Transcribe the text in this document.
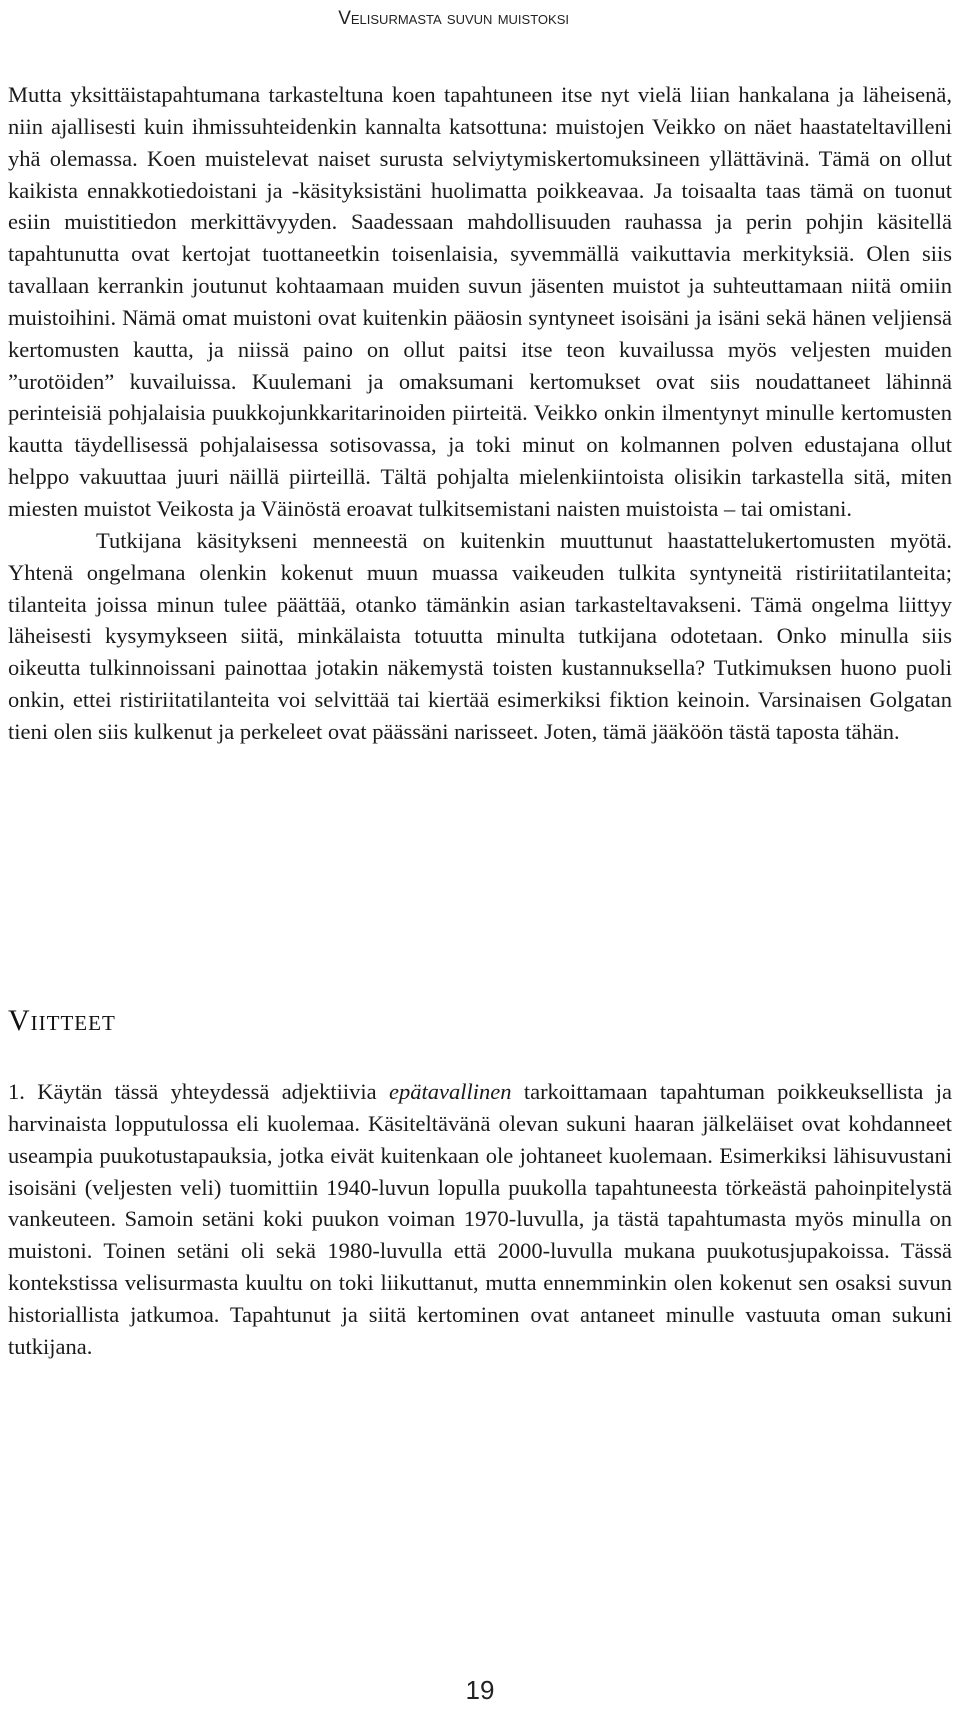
Velisurmasta suvun muistoksi

Mutta yksittäistapahtumana tarkasteltuna koen tapahtuneen itse nyt vielä liian hankalana ja läheisenä, niin ajallisesti kuin ihmissuhteidenkin kannalta katsottuna: muistojen Veikko on näet haastateltavilleni yhä olemassa. Koen muistelevat naiset surusta selviytymiskertomuksineen yllättävinä. Tämä on ollut kaikista ennakkotiedoistani ja -käsityksistäni huolimatta poikkeavaa. Ja toisaalta taas tämä on tuonut esiin muistitiedon merkittävyyden. Saadessaan mahdollisuuden rauhassa ja perin pohjin käsitellä tapahtunutta ovat kertojat tuottaneetkin toisenlaisia, syvemmällä vaikuttavia merkityksiä. Olen siis tavallaan kerrankin joutunut kohtaamaan muiden suvun jäsenten muistot ja suhteuttamaan niitä omiin muistoihini. Nämä omat muistoni ovat kuitenkin pääosin syntyneet isoisäni ja isäni sekä hänen veljiensä kertomusten kautta, ja niissä paino on ollut paitsi itse teon kuvailussa myös veljesten muiden ”urotöiden” kuvailuissa. Kuulemani ja omaksumani kertomukset ovat siis noudattaneet lähinnä perinteisiä pohjalaisia puukkojunkkaritarinoiden piirteitä. Veikko onkin ilmentynyt minulle kertomusten kautta täydellisessä pohjalaisessa sotisovassa, ja toki minut on kolmannen polven edustajana ollut helppo vakuuttaa juuri näillä piirteillä. Tältä pohjalta mielenkiintoista olisikin tarkastella sitä, miten miesten muistot Veikosta ja Väinöstä eroavat tulkitsemistani naisten muistoista – tai omistani.

Tutkijana käsitykseni menneestä on kuitenkin muuttunut haastattelukertomusten myötä. Yhtenä ongelmana olenkin kokenut muun muassa vaikeuden tulkita syntyneitä ristiriitatilanteita; tilanteita joissa minun tulee päättää, otanko tämänkin asian tarkasteltavakseni. Tämä ongelma liittyy läheisesti kysymykseen siitä, minkälaista totuutta minulta tutkijana odotetaan. Onko minulla siis oikeutta tulkinnoissani painottaa jotakin näkemystä toisten kustannuksella? Tutkimuksen huono puoli onkin, ettei ristiriitatilanteita voi selvittää tai kiertää esimerkiksi fiktion keinoin. Varsinaisen Golgatan tieni olen siis kulkenut ja perkeleet ovat päässäni narisseet. Joten, tämä jääköön tästä taposta tähän.

Viitteet

1. Käytän tässä yhteydessä adjektiivia epätavallinen tarkoittamaan tapahtuman poikkeuksellista ja harvinaista lopputulossa eli kuolemaa. Käsiteltävänä olevan sukuni haaran jälkeläiset ovat kohdanneet useampia puukotustapauksia, jotka eivät kuitenkaan ole johtaneet kuolemaan. Esimerkiksi lähisuvustani isoisäni (veljesten veli) tuomittiin 1940-luvun lopulla puukolla tapahtuneesta törkeästä pahoinpitelystä vankeuteen. Samoin setäni koki puukon voiman 1970-luvulla, ja tästä tapahtumasta myös minulla on muistoni. Toinen setäni oli sekä 1980-luvulla että 2000-luvulla mukana puukotusjupakoissa. Tässä kontekstissa velisurmasta kuultu on toki liikuttanut, mutta ennemminkin olen kokenut sen osaksi suvun historiallista jatkumoa. Tapahtunut ja siitä kertominen ovat antaneet minulle vastuuta oman sukuni tutkijana.

19
